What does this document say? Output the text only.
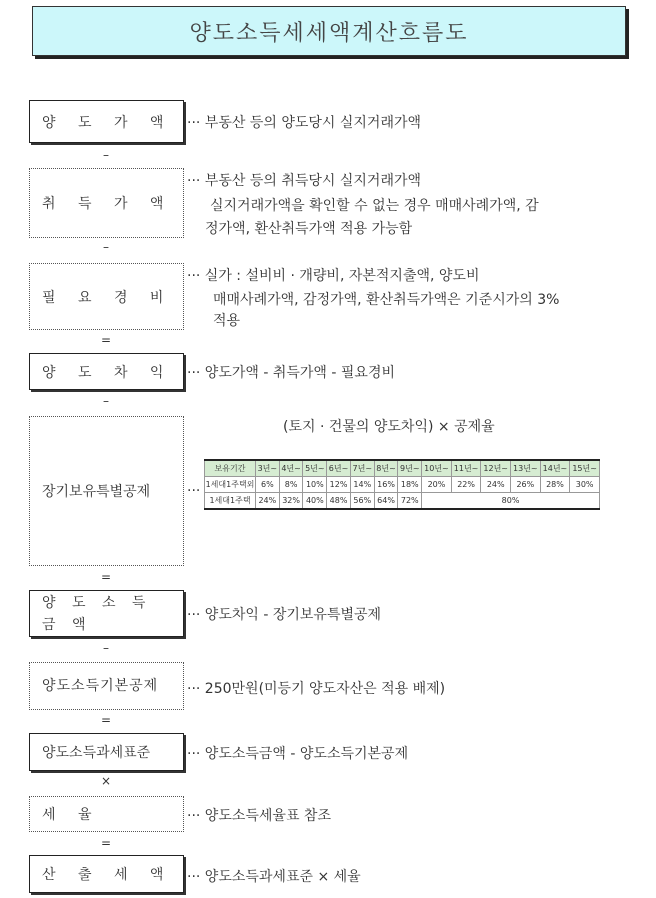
양도소득세세액계산흐름도
양 도 가 액 ··· 부동산 등의 양도당시 실지거래가액
–
취 득 가 액
··· 부동산 등의 취득당시 실지거래가액
실지거래가액을 확인할 수 없는 경우 매매사례가액, 감
정가액, 환산취득가액 적용 가능함
–
필 요 경 비
··· 실가 : 설비비 · 개량비, 자본적지출액, 양도비
매매사례가액, 감정가액, 환산취득가액은 기준시가의 3%
적용
=
양 도 차 익 ··· 양도가액 - 취득가액 - 필요경비
–
장기보유특별공제	···
(토지 · 건물의 양도차익) × 공제율
보유기간	3년~	4년~	5년~	6년~	7년~	8년~	9년~	10년~	11년~	12년~	13년~	14년~	15년~
1세대1주택외	6%	8%	10%	12%	14%	16%	18%	20%	22%	24%	26%	28%	30%
1세대1주택	24%	32%	40%	48%	56%	64%	72%	80%					
=
양 도 소 득 금 액
··· 양도차익 - 장기보유특별공제
–
양도소득기본공제 ··· 250만원(미등기 양도자산은 적용 배제)
=
양도소득과세표준	··· 양도소득금액 - 양도소득기본공제
×
세 율	··· 양도소득세율표 참조
=
산 출 세 액 ··· 양도소득과세표준 × 세율
